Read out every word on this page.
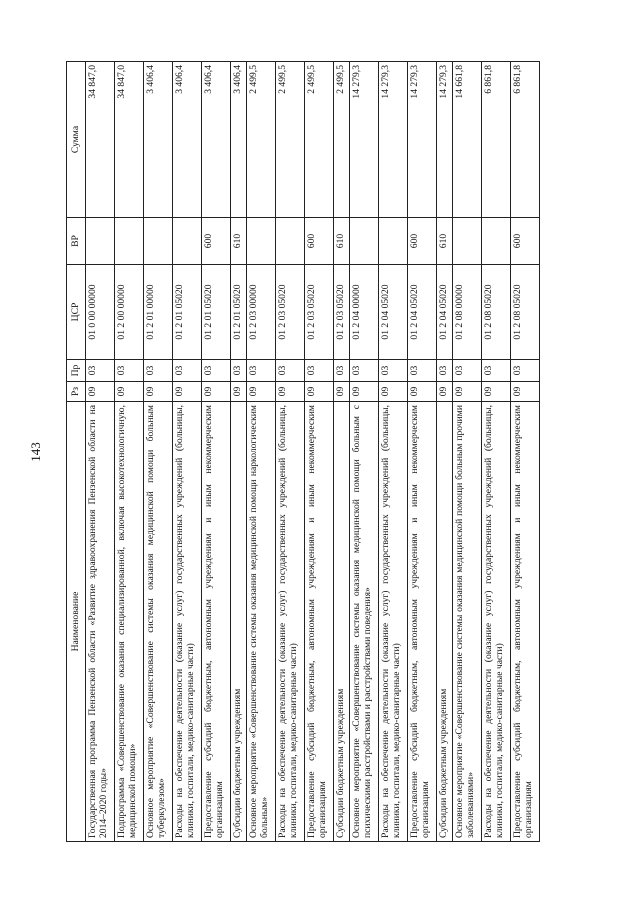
143
Наименование	Рз	Пр	ЦСР	ВР	Сумма
Государственная программа Пензенской области «Развитие здравоохранения Пензенской области на 2014–2020 годы»	09	03	01 0 00 00000		34 847,0
Подпрограмма «Совершенствование оказания специализированной, включая высокотехнологичную, медицинской помощи»	09	03	01 2 00 00000		34 847,0
Основное мероприятие «Совершенствование системы оказания медицинской помощи больным туберкулезом»	09	03	01 2 01 00000		3 406,4
Расходы на обеспечение деятельности (оказание услуг) государственных учреждений (больницы, клиники, госпитали, медико-санитарные части)	09	03	01 2 01 05020		3 406,4
Предоставление субсидий бюджетным, автономным учреждениям и иным некоммерческим организациям	09	03	01 2 01 05020	600	3 406,4
Субсидии бюджетным учреждениям	09	03	01 2 01 05020	610	3 406,4
Основное мероприятие «Совершенствование системы оказания медицинской помощи наркологическим больным»	09	03	01 2 03 00000		2 499,5
Расходы на обеспечение деятельности (оказание услуг) государственных учреждений (больницы, клиники, госпитали, медико-санитарные части)	09	03	01 2 03 05020		2 499,5
Предоставление субсидий бюджетным, автономным учреждениям и иным некоммерческим организациям	09	03	01 2 03 05020	600	2 499,5
Субсидии бюджетным учреждениям	09	03	01 2 03 05020	610	2 499,5
Основное мероприятие «Совершенствование системы оказания медицинской помощи больным с психическими расстройствами и расстройствами поведения»	09	03	01 2 04 00000		14 279,3
Расходы на обеспечение деятельности (оказание услуг) государственных учреждений (больницы, клиники, госпитали, медико-санитарные части)	09	03	01 2 04 05020		14 279,3
Предоставление субсидий бюджетным, автономным учреждениям и иным некоммерческим организациям	09	03	01 2 04 05020	600	14 279,3
Субсидии бюджетным учреждениям	09	03	01 2 04 05020	610	14 279,3
Основное мероприятие «Совершенствование системы оказания медицинской помощи больным прочими заболеваниями»	09	03	01 2 08 00000		14 661,8
Расходы на обеспечение деятельности (оказание услуг) государственных учреждений (больницы, клиники, госпитали, медико-санитарные части)	09	03	01 2 08 05020		6 861,8
Предоставление субсидий бюджетным, автономным учреждениям и иным некоммерческим организациям	09	03	01 2 08 05020	600	6 861,8
